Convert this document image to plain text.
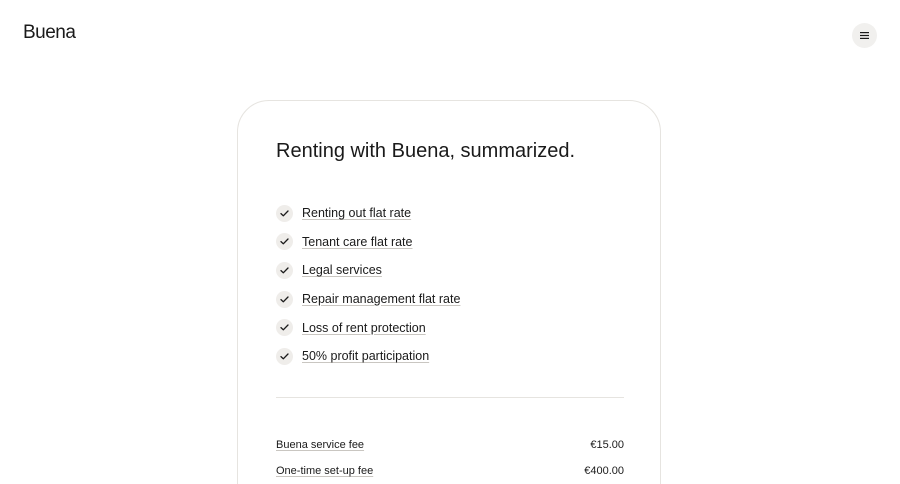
Buena
Renting with Buena, summarized.
Renting out flat rate
Tenant care flat rate
Legal services
Repair management flat rate
Loss of rent protection
50% profit participation
Buena service fee	€15.00
One-time set-up fee	€400.00
